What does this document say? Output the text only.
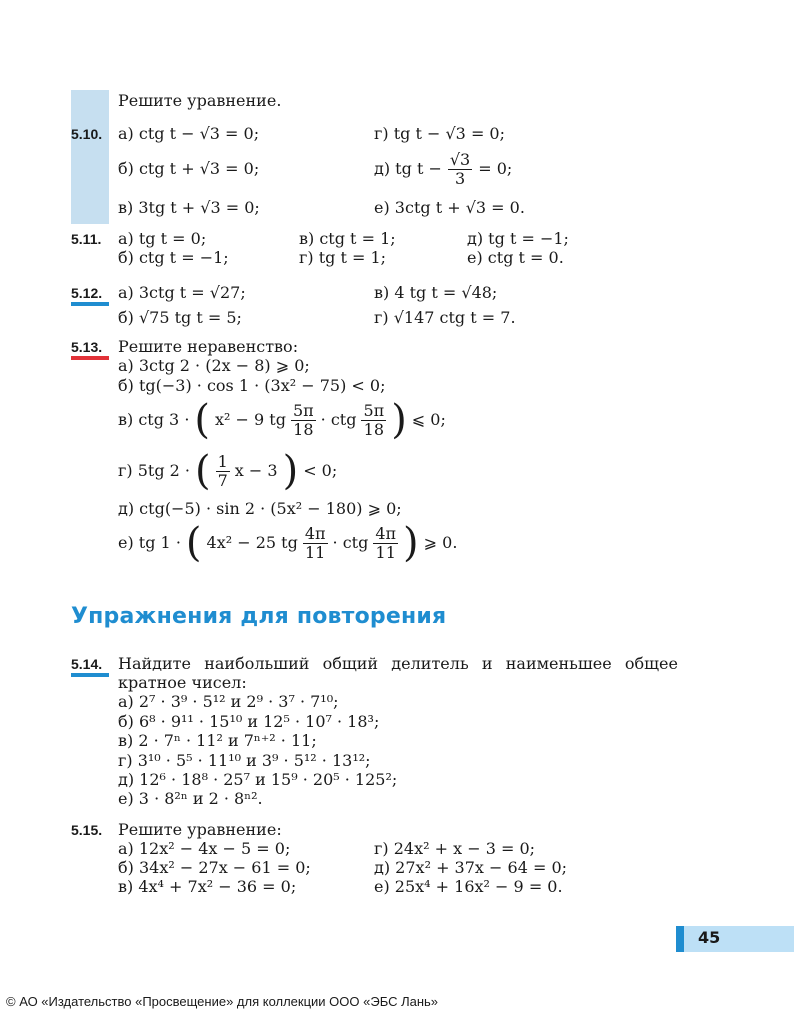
Решите уравнение.
5.10. а) ctg t − √3 = 0;	г) tg t − √3 = 0;
б) ctg t + √3 = 0;	д) tg $t - \frac{√3}{3} = 0$;
в) 3tg t + √3 = 0;	е) 3ctg t + √3 = 0.
5.11. а) tg t = 0;	в) ctg t = 1;	д) tg t = −1;
б) ctg t = −1;	г) tg t = 1;	е) ctg t = 0.
5.12. а) 3ctg t = √27;	в) 4 tg t = √48;
б) √75 tg t = 5;	г) √147 ctg t = 7.
5.13. Решите неравенство:
а) 3ctg 2 · (2x − 8) ⩾ 0;
б) tg(−3) · cos 1 · (3x² − 75) < 0;
в) ctg 3 · ( x² − 9 tg $\frac{5\pi}{18}$ · ctg $\frac{5\pi}{18}$ ) ⩽ 0;
г) 5tg 2 · ( $\frac{1}{7}$ x − 3 ) < 0;
д) ctg(−5) · sin 2 · (5x² − 180) ⩾ 0;
е) tg 1 · ( 4x² − 25 tg $\frac{4\pi}{11}$ · ctg $\frac{4\pi}{11}$ ) ⩾ 0.
Упражнения для повторения
5.14. Найдите наибольший общий делитель и наименьшее общее
кратное чисел:
а) 2⁷ · 3⁹ · 5¹² и 2⁹ · 3⁷ · 7¹⁰;
б) 6⁸ · 9¹¹ · 15¹⁰ и 12⁵ · 10⁷ · 18³;
в) 2 · 7ⁿ · 11² и 7ⁿ⁺² · 11;
г) 3¹⁰ · 5⁵ · 11¹⁰ и 3⁹ · 5¹² · 13¹²;
д) 12⁶ · 18⁸ · 25⁷ и 15⁹ · 20⁵ · 125²;
е) 3 · 8²ⁿ и 2 · 8ⁿ².
5.15. Решите уравнение:
а) 12x² − 4x − 5 = 0;	г) 24x² + x − 3 = 0;
б) 34x² − 27x − 61 = 0;	д) 27x² + 37x − 64 = 0;
в) 4x⁴ + 7x² − 36 = 0;	е) 25x⁴ + 16x² − 9 = 0.
45
© АО «Издательство «Просвещение» для коллекции ООО «ЭБС Лань»
